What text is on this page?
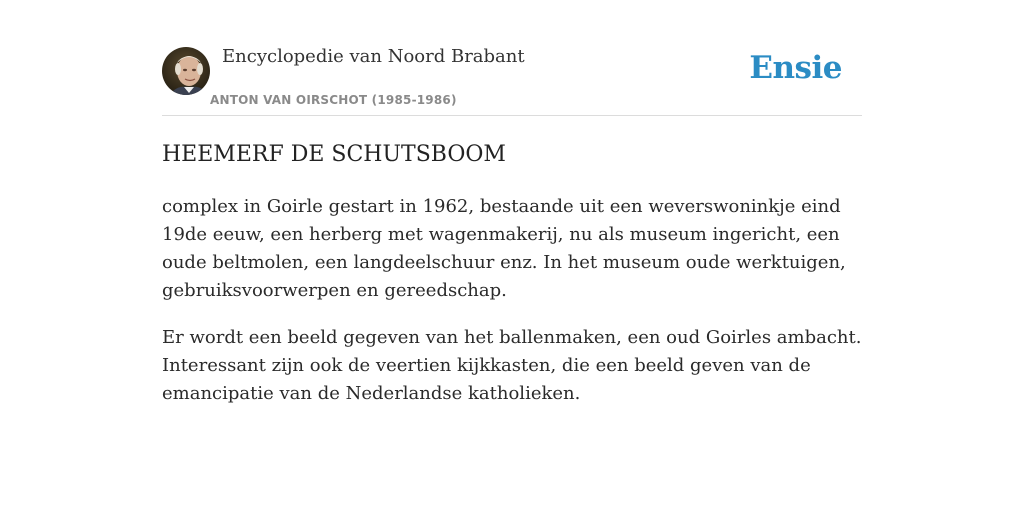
Encyclopedie van Noord Brabant
ANTON VAN OIRSCHOT (1985-1986)
Ensie
HEEMERF DE SCHUTSBOOM

complex in Goirle gestart in 1962, bestaande uit een weverswoninkje eind 19de eeuw, een herberg met wagenmakerij, nu als museum ingericht, een oude beltmolen, een langdeelschuur enz. In het museum oude werktuigen, gebruiksvoorwerpen en gereedschap.

Er wordt een beeld gegeven van het ballenmaken, een oud Goirles ambacht. Interessant zijn ook de veertien kijkkasten, die een beeld geven van de emancipatie van de Nederlandse katholieken.
